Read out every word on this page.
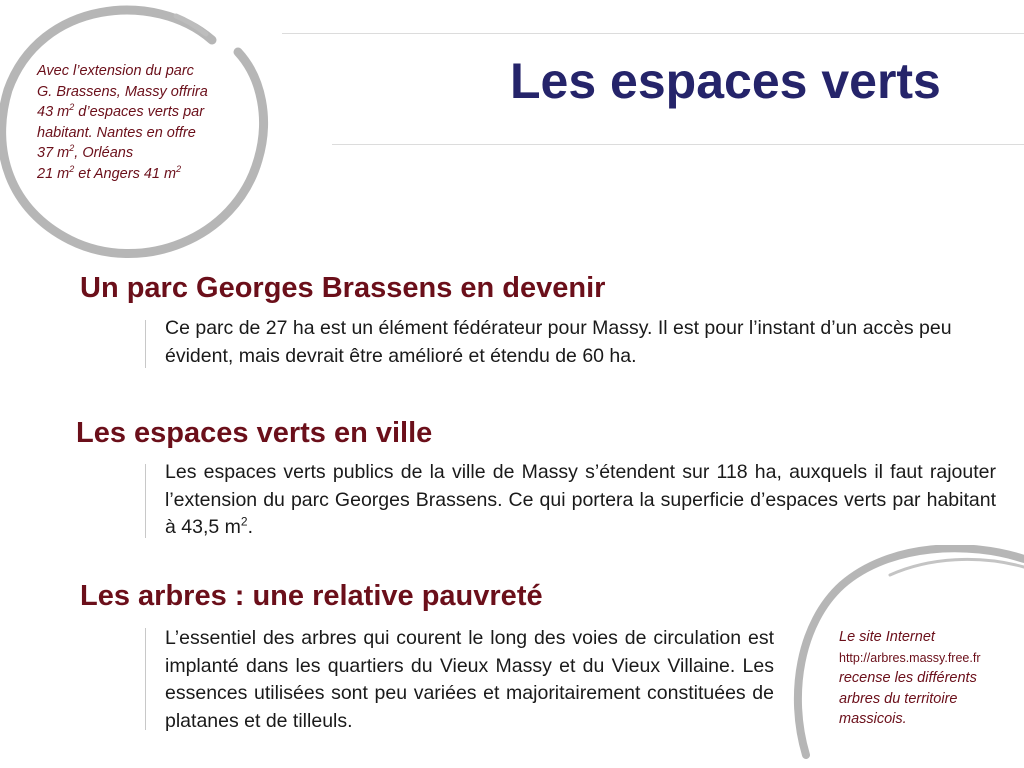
Les espaces verts
Avec l’extension du parc
G. Brassens, Massy offrira
43 $m^2$ d’espaces verts par
habitant. Nantes en offre
37 $m^2$, Orléans
21 $m^2$ et Angers 41 $m^2$
Un parc Georges Brassens en devenir
Ce parc de 27 ha est un élément fédérateur pour Massy. Il est pour l’instant d’un accès peu évident, mais devrait être amélioré et étendu de 60 ha.
Les espaces verts en ville
Les espaces verts publics de la ville de Massy s’étendent sur 118 ha, auxquels il faut rajouter l’extension du parc Georges Brassens. Ce qui portera la superficie d’espaces verts par habitant à 43,5 $m^2$.
Les arbres : une relative pauvreté
L’essentiel des arbres qui courent le long des voies de circulation est implanté dans les quartiers du Vieux Massy et du Vieux Villaine. Les essences utilisées sont peu variées et majoritairement constituées de platanes et de tilleuls.
Le site Internet
http://arbres.massy.free.fr
recense les différents
arbres du territoire
massicois.
